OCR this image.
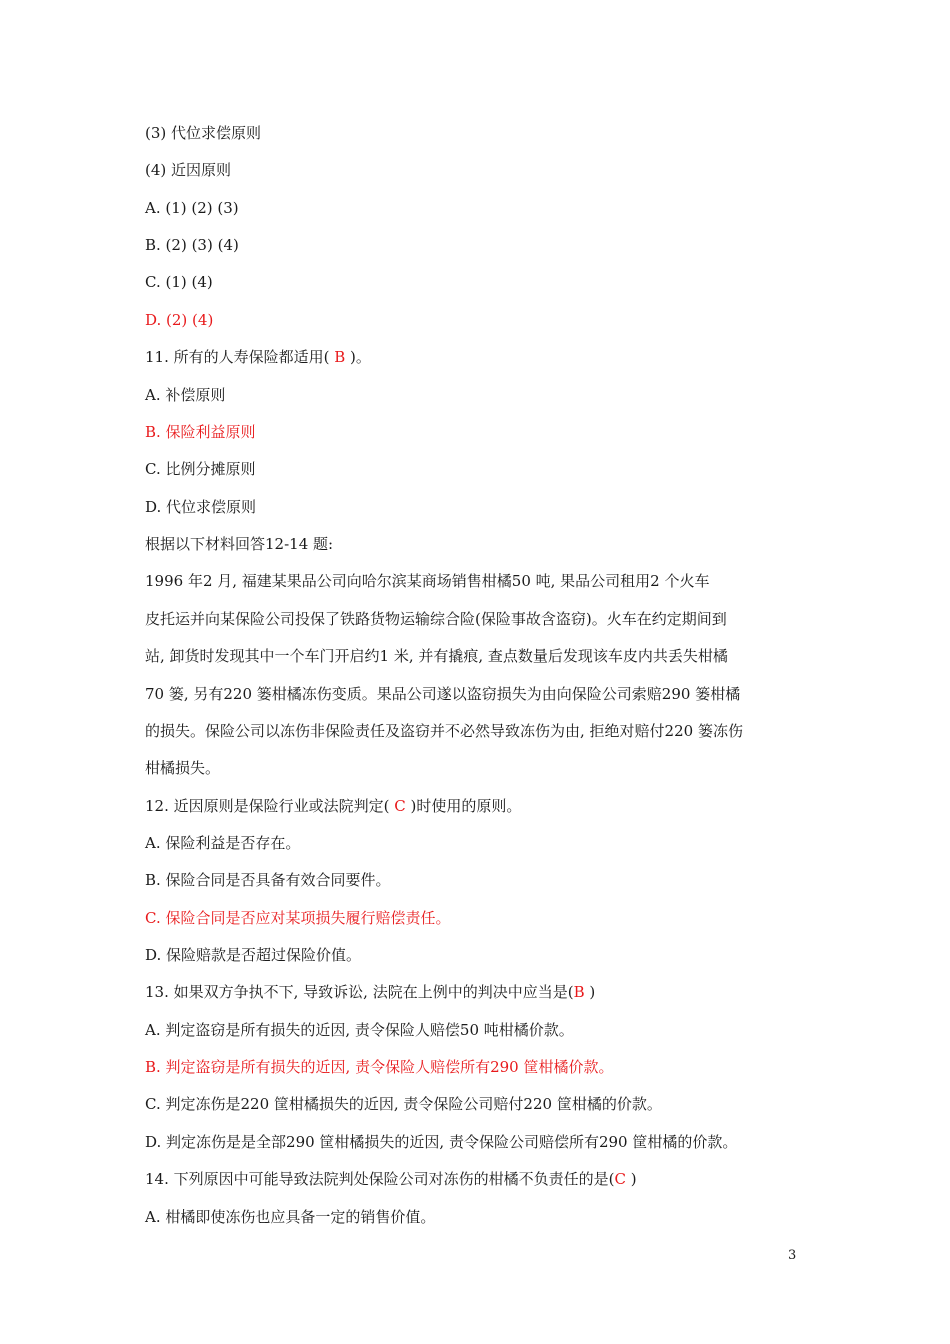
(3) 代位求偿原则
(4) 近因原则
A. (1) (2) (3)
B. (2) (3) (4)
C. (1) (4)
D. (2) (4)
11. 所有的人寿保险都适用( B )。
A. 补偿原则
B. 保险利益原则
C. 比例分摊原则
D. 代位求偿原则
根据以下材料回答12-14 题:
1996 年2 月, 福建某果品公司向哈尔滨某商场销售柑橘50 吨, 果品公司租用2 个火车
皮托运并向某保险公司投保了铁路货物运输综合险(保险事故含盗窃)。火车在约定期间到
站, 卸货时发现其中一个车门开启约1 米, 并有撬痕, 查点数量后发现该车皮内共丢失柑橘
70 篓, 另有220 篓柑橘冻伤变质。果品公司遂以盗窃损失为由向保险公司索赔290 篓柑橘
的损失。保险公司以冻伤非保险责任及盗窃并不必然导致冻伤为由, 拒绝对赔付220 篓冻伤
柑橘损失。
12. 近因原则是保险行业或法院判定( C )时使用的原则。
A. 保险利益是否存在。
B. 保险合同是否具备有效合同要件。
C. 保险合同是否应对某项损失履行赔偿责任。
D. 保险赔款是否超过保险价值。
13. 如果双方争执不下, 导致诉讼, 法院在上例中的判决中应当是(B )
A. 判定盗窃是所有损失的近因, 责令保险人赔偿50 吨柑橘价款。
B. 判定盗窃是所有损失的近因, 责令保险人赔偿所有290 筐柑橘价款。
C. 判定冻伤是220 筐柑橘损失的近因, 责令保险公司赔付220 筐柑橘的价款。
D. 判定冻伤是是全部290 筐柑橘损失的近因, 责令保险公司赔偿所有290 筐柑橘的价款。
14. 下列原因中可能导致法院判处保险公司对冻伤的柑橘不负责任的是(C )
A. 柑橘即使冻伤也应具备一定的销售价值。
3
